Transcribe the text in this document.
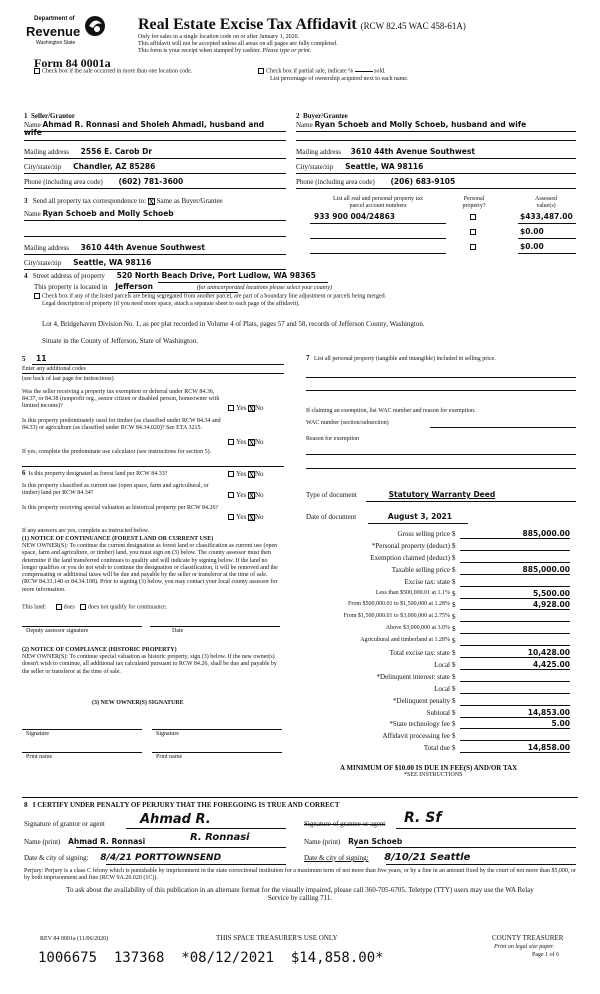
Department of
Revenue
Washington State
Form 84 0001a
Real Estate Excise Tax Affidavit (RCW 82.45 WAC 458-61A)
Only for sales in a single location code on or after January 1, 2020.
This affidavit will not be accepted unless all areas on all pages are fully completed.
This form is your receipt when stamped by cashier. Please type or print.
Check box if the sale occurred in more than one location code.	Check box if partial sale, indicate %	sold.
List percentage of ownership acquired next to each name.
1 Seller/Grantor
Name Ahmad R. Ronnasi and Sholeh Ahmadi, husband and wife
Mailing address 2556 E. Carob Dr
City/state/zip Chandler, AZ 85286
Phone (including area code) (602) 781-3600
2 Buyer/Grantee
Name Ryan Schoeb and Molly Schoeb, husband and wife
Mailing address 3610 44th Avenue Southwest
City/state/zip Seattle, WA 98116
Phone (including area code) (206) 683-9105
3 Send all property tax correspondence to: X Same as Buyer/Grantee
Name Ryan Schoeb and Molly Schoeb
Mailing address 3610 44th Avenue Southwest
City/state/zip Seattle, WA 98116
List all real and personal property tax
parcel account numbers
Personal
property?
Assessed
value(s)
933 900 004/24863	$433,487.00
$0.00
$0.00
4 Street address of property 520 North Beach Drive, Port Ludlow, WA 98365
This property is located in Jefferson	(for unincorporated locations please select your county)
Check box if any of the listed parcels are being segregated from another parcel, are part of a boundary line adjustment or parcels being merged.
Legal description of property (if you need more space, attach a separate sheet to each page of the affidavit).
Lot 4, Bridgehaven Division No. 1, as per plat recorded in Volume 4 of Plats, pages 57 and 58, records of Jefferson County, Washington.
Situate in the County of Jefferson, State of Washington.
5 11
Enter any additional codes
(see back of last page for instructions)
Was the seller receiving a property tax exemption or deferral under RCW 84.36, 84.37, or 84.38 (nonprofit org., senior citizen or disabled person, homeowner with limited income)?	Yes XNo
Is this property predominately used for timber (as classified under RCW 84.34 and 84.33) or agriculture (as classified under RCW 84.34.020)? See ETA 3215.
Yes XNo
If yes, complete the predominate use calculator (see instructions for section 5).
6 Is this property designated as forest land per RCW 84.33?	Yes XNo
Is this property classified as current use (open space, farm and agricultural, or timber) land per RCW 84.34?	Yes XNo
Is this property receiving special valuation as historical property per RCW 84.26?
Yes XNo
If any answers are yes, complete as instructed below.
(1) NOTICE OF CONTINUANCE (FOREST LAND OR CURRENT USE)
NEW OWNER(S): To continue the current designation as forest land or classification as current use (open space, farm and agriculture, or timber) land, you must sign on (3) below. The county assessor must then determine if the land transferred continues to qualify and will indicate by signing below. If the land no longer qualifies or you do not wish to continue the designation or classification, it will be removed and the compensating or additional taxes will be due and payable by the seller or transferor at the time of sale. (RCW 84.33.140 or 84.34.108). Prior to signing (3) below, you may contact your local county assessor for more information.
This land:	does does not qualify for continuance.
Deputy assessor signature	Date
(2) NOTICE OF COMPLIANCE (HISTORIC PROPERTY)
NEW OWNER(S): To continue special valuation as historic property, sign (3) below. If the new owner(s) doesn't wish to continue, all additional tax calculated pursuant to RCW 84.26, shall be due and payable by the seller or transferor at the time of sale.
(3) NEW OWNER(S) SIGNATURE
Signature	Signature
Print name	Print name
7 List all personal property (tangible and intangible) included in selling price.
If claiming an exemption, list WAC number and reason for exemption.
WAC number (section/subsection)
Reason for exemption
Type of document	Statutory Warranty Deed
Date of document	August 3, 2021
Gross selling price $	885,000.00
*Personal property (deduct) $
Exemption claimed (deduct) $
Taxable selling price $	885,000.00
Excise tax: state $
Less than $500,000.01 at 1.1% $	5,500.00
From $500,000.01 to $1,500,000 at 1.28% $	4,928.00
From $1,500,000.01 to $3,000,000 at 2.75% $
Above $3,000,000 at 3.0% $
Agricultural and timberland at 1.28% $
Total excise tax: state $	10,428.00
Local $	4,425.00
*Delinquent interest: state $
Local $
*Delinquent penalty $
Subtotal $	14,853.00
*State technology fee $	5.00
Affidavit processing fee $
Total due $	14,858.00
A MINIMUM OF $10.00 IS DUE IN FEE(S) AND/OR TAX
*SEE INSTRUCTIONS
8 I CERTIFY UNDER PENALTY OF PERJURY THAT THE FOREGOING IS TRUE AND CORRECT
Signature of grantor or agent	Ahmad R.	Signature of grantee or agent R. Sf
Name (print) Ahmad R. Ronnasi	R. Ronnasi	Name (print) Ryan Schoeb
Date & city of signing: 8/4/21 PORTTOWNSEND	Date & city of signing: 8/10/21 Seattle
Perjury: Perjury is a class C felony which is punishable by imprisonment in the state correctional institution for a maximum term of not more than five years, or by a fine in an amount fixed by the court of not more than $5,000, or by both imprisonment and fine (RCW 9A.20.020 (1C)).
To ask about the availability of this publication in an alternate format for the visually impaired, please call 360-705-6705. Teletype (TTY) users may use the WA Relay Service by calling 711.
REV 84 0001a (11/06/2020)	THIS SPACE TREASURER'S USE ONLY	COUNTY TREASURER
Print on legal size paper.
Page 1 of 6
1006675  137368  *08/12/2021  $14,858.00*
